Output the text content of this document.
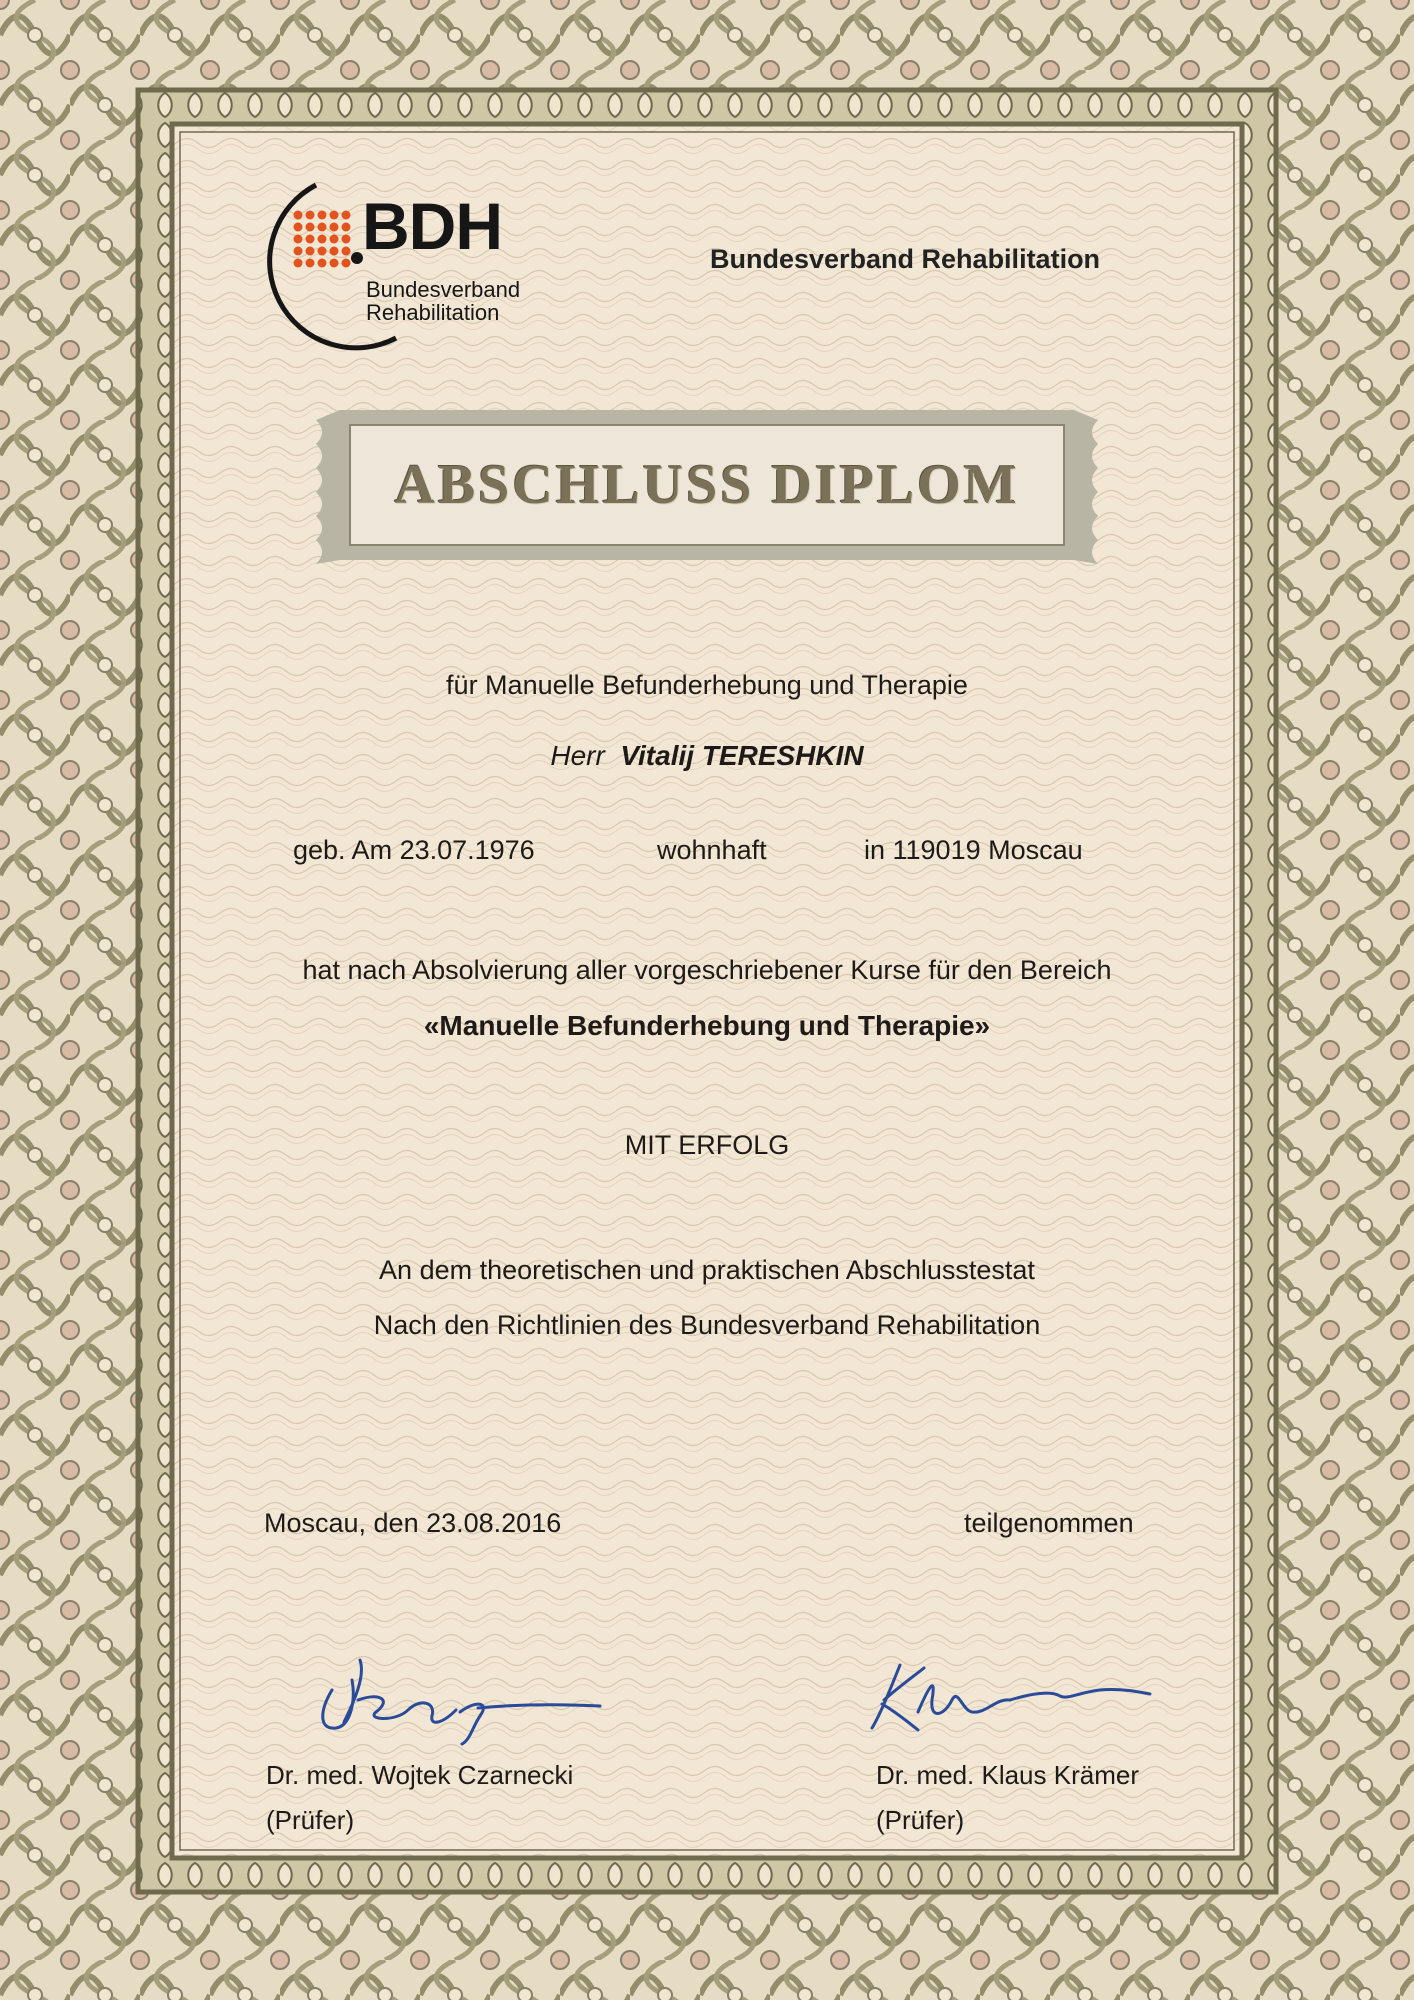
BDH
Bundesverband
Rehabilitation
Bundesverband Rehabilitation
ABSCHLUSS DIPLOM
für Manuelle Befunderhebung und Therapie
Herr Vitalij TERESHKIN
geb. Am 23.07.1976	wohnhaft	in 119019 Moscau
hat nach Absolvierung aller vorgeschriebener Kurse für den Bereich
«Manuelle Befunderhebung und Therapie»
MIT ERFOLG
An dem theoretischen und praktischen Abschlusstestat
Nach den Richtlinien des Bundesverband Rehabilitation
Moscau, den 23.08.2016	teilgenommen
Dr. med. Wojtek Czarnecki
(Prüfer)
Dr. med. Klaus Krämer
(Prüfer)
